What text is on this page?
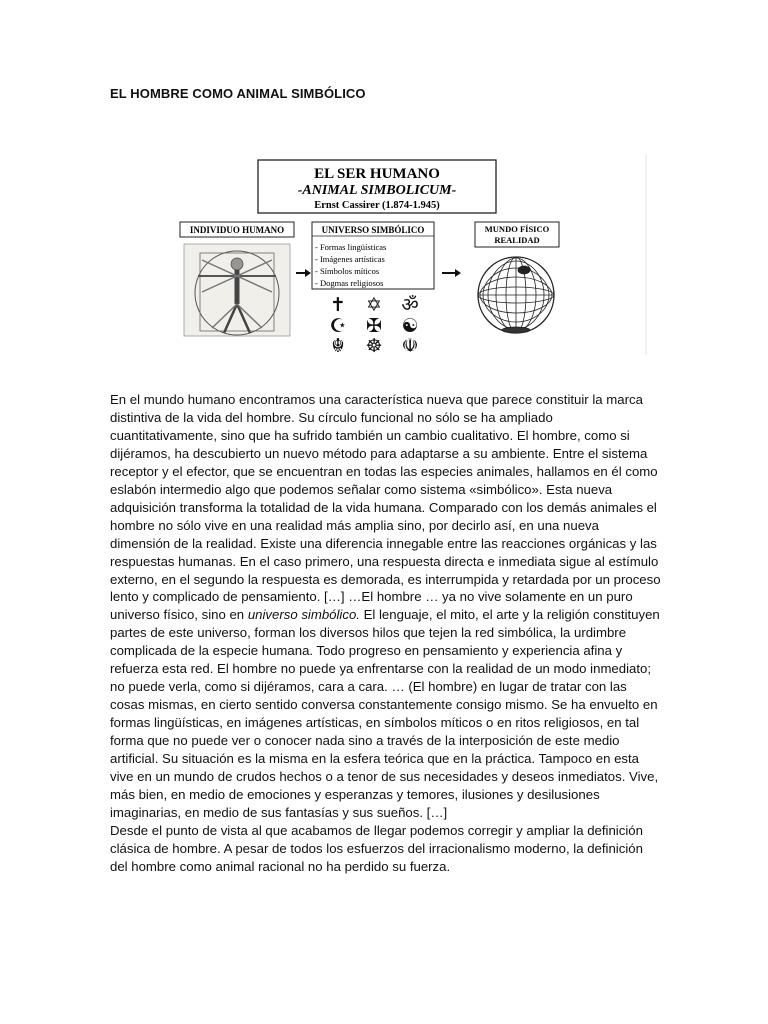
EL HOMBRE COMO ANIMAL SIMBÓLICO
EL SER HUMANO
-ANIMAL SIMBOLICUM-
Ernst Cassirer (1.874-1.945)
INDIVIDUO HUMANO	UNIVERSO SIMBÓLICO
- Formas lingüísticas
- Imágenes artísticas
- Símbolos míticos
- Dogmas religiosos
✝ ✡ ॐ
☪ ✠ ☯
☬ ☸ ☫
MUNDO FÍSICO
REALIDAD

En el mundo humano encontramos una característica nueva que parece constituir la marca distintiva de la vida del hombre. Su círculo funcional no sólo se ha ampliado cuantitativamente, sino que ha sufrido también un cambio cualitativo. El hombre, como si dijéramos, ha descubierto un nuevo método para adaptarse a su ambiente. Entre el sistema receptor y el efector, que se encuentran en todas las especies animales, hallamos en él como eslabón intermedio algo que podemos señalar como sistema «simbólico». Esta nueva adquisición transforma la totalidad de la vida humana. Comparado con los demás animales el hombre no sólo vive en una realidad más amplia sino, por decirlo así, en una nueva dimensión de la realidad. Existe una diferencia innegable entre las reacciones orgánicas y las respuestas humanas. En el caso primero, una respuesta directa e inmediata sigue al estímulo externo, en el segundo la respuesta es demorada, es interrumpida y retardada por un proceso lento y complicado de pensamiento. […] …El hombre … ya no vive solamente en un puro universo físico, sino en universo simbólico. El lenguaje, el mito, el arte y la religión constituyen partes de este universo, forman los diversos hilos que tejen la red simbólica, la urdimbre complicada de la especie humana. Todo progreso en pensamiento y experiencia afina y refuerza esta red. El hombre no puede ya enfrentarse con la realidad de un modo inmediato; no puede verla, como si dijéramos, cara a cara. … (El hombre) en lugar de tratar con las cosas mismas, en cierto sentido conversa constantemente consigo mismo. Se ha envuelto en formas lingüísticas, en imágenes artísticas, en símbolos míticos o en ritos religiosos, en tal forma que no puede ver o conocer nada sino a través de la interposición de este medio artificial. Su situación es la misma en la esfera teórica que en la práctica. Tampoco en esta vive en un mundo de crudos hechos o a tenor de sus necesidades y deseos inmediatos. Vive, más bien, en medio de emociones y esperanzas y temores, ilusiones y desilusiones imaginarias, en medio de sus fantasías y sus sueños. […]

Desde el punto de vista al que acabamos de llegar podemos corregir y ampliar la definición clásica de hombre. A pesar de todos los esfuerzos del irracionalismo moderno, la definición del hombre como animal racional no ha perdido su fuerza.
